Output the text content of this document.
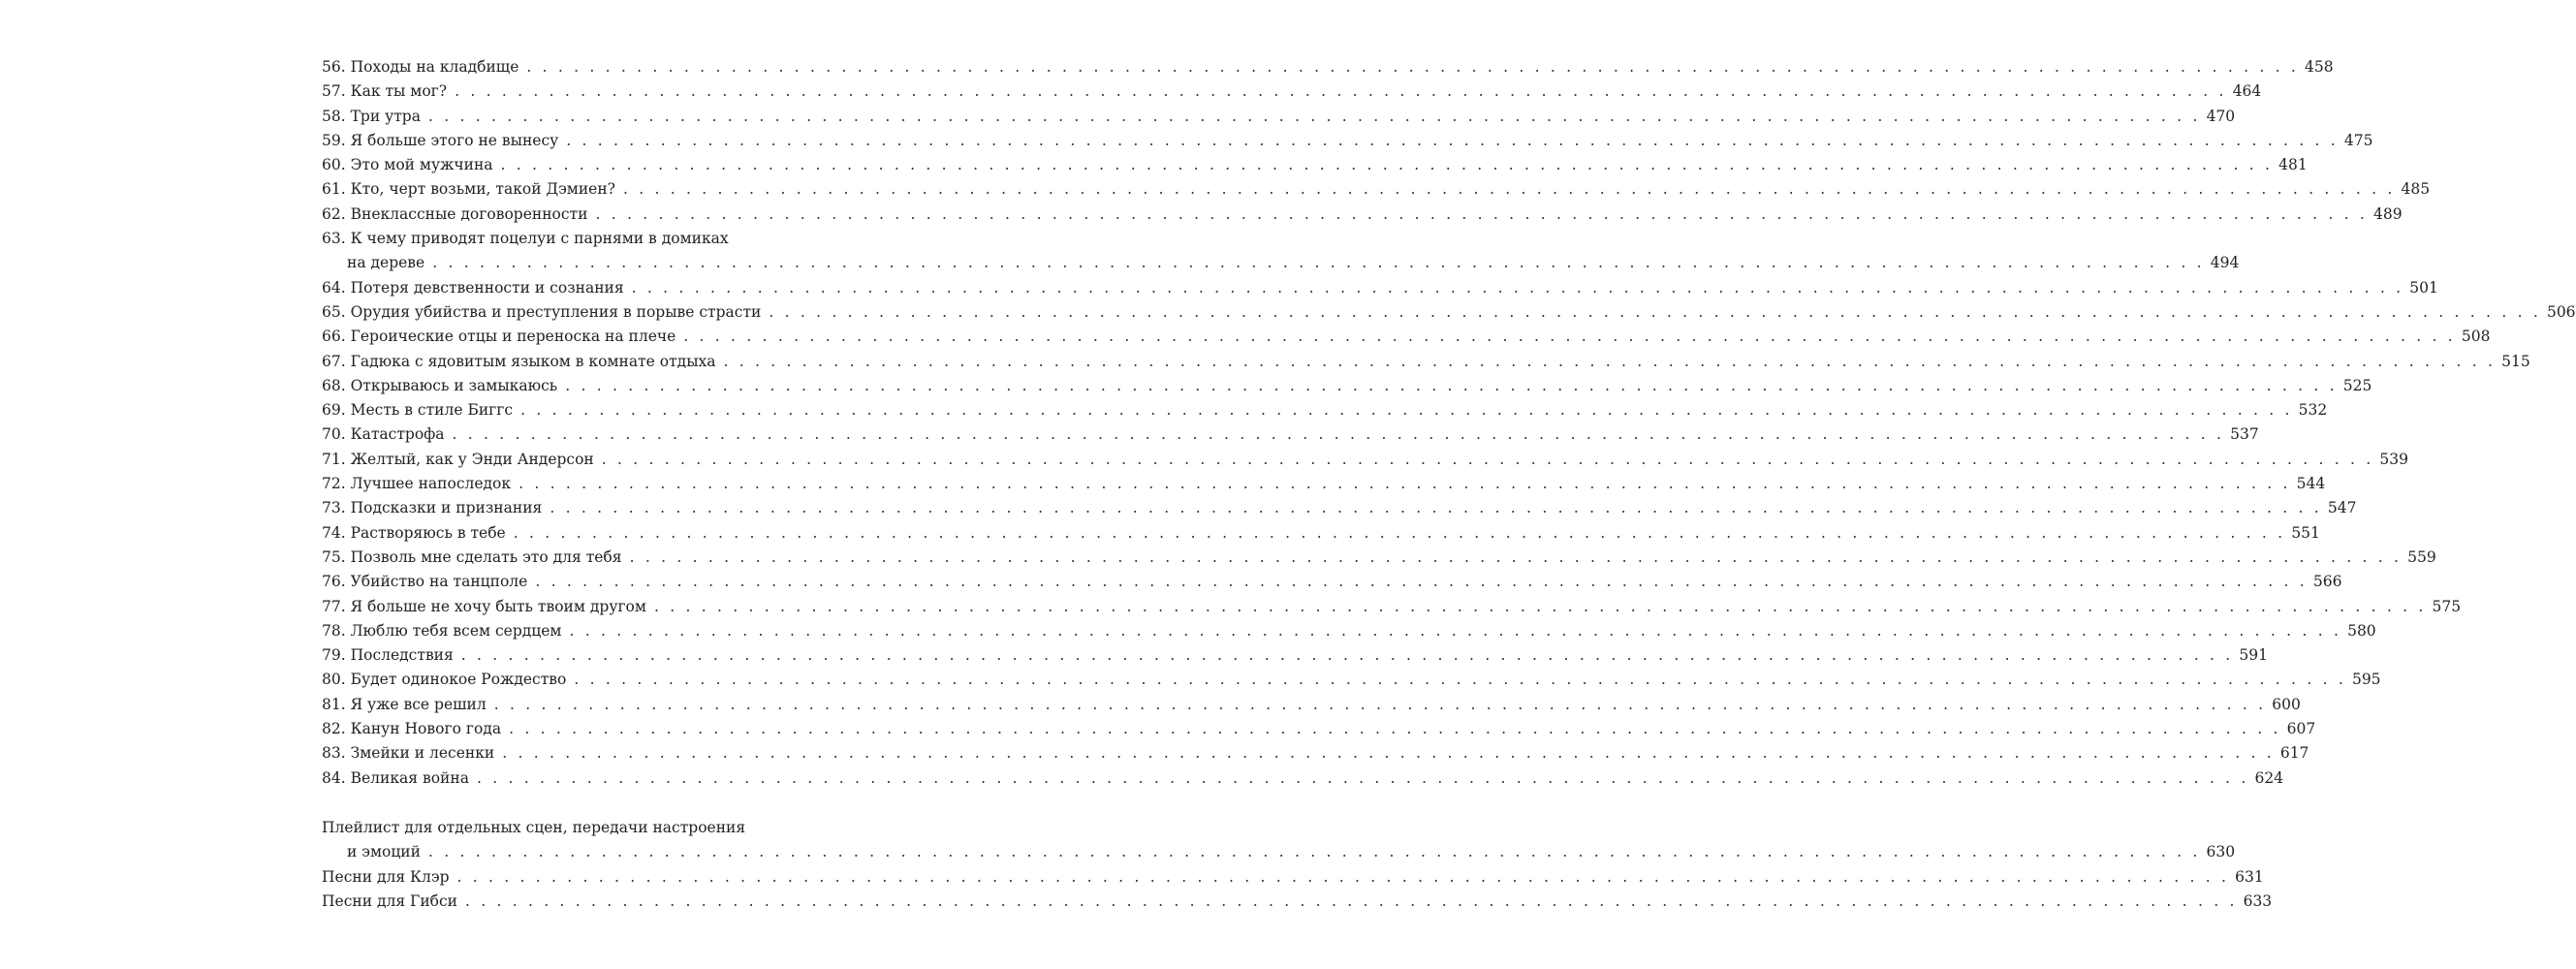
56. Походы на кладбище . . .	458
57. Как ты мог? . . .	464
58. Три утра . . .	470
59. Я больше этого не вынесу . . .	475
60. Это мой мужчина . . .	481
61. Кто, черт возьми, такой Дэмиен? . . .	485
62. Внеклассные договоренности . . .	489
63. К чему приводят поцелуи с парнями в домиках
на дереве . . .	494
64. Потеря девственности и сознания . . .	501
65. Орудия убийства и преступления в порыве страсти . . .	506
66. Героические отцы и переноска на плече . . .	508
67. Гадюка с ядовитым языком в комнате отдыха . . .	515
68. Открываюсь и замыкаюсь . . .	525
69. Месть в стиле Биггс . . .	532
70. Катастрофа . . .	537
71. Желтый, как у Энди Андерсон . . .	539
72. Лучшее напоследок . . .	544
73. Подсказки и признания . . .	547
74. Растворяюсь в тебе . . .	551
75. Позволь мне сделать это для тебя . . .	559
76. Убийство на танцполе . . .	566
77. Я больше не хочу быть твоим другом . . .	575
78. Люблю тебя всем сердцем . . .	580
79. Последствия . . .	591
80. Будет одинокое Рождество . . .	595
81. Я уже все решил . . .	600
82. Канун Нового года . . .	607
83. Змейки и лесенки . . .	617
84. Великая война . . .	624
Плейлист для отдельных сцен, передачи настроения
и эмоций . . .	630
Песни для Клэр . . .	631
Песни для Гибси . . .	633
